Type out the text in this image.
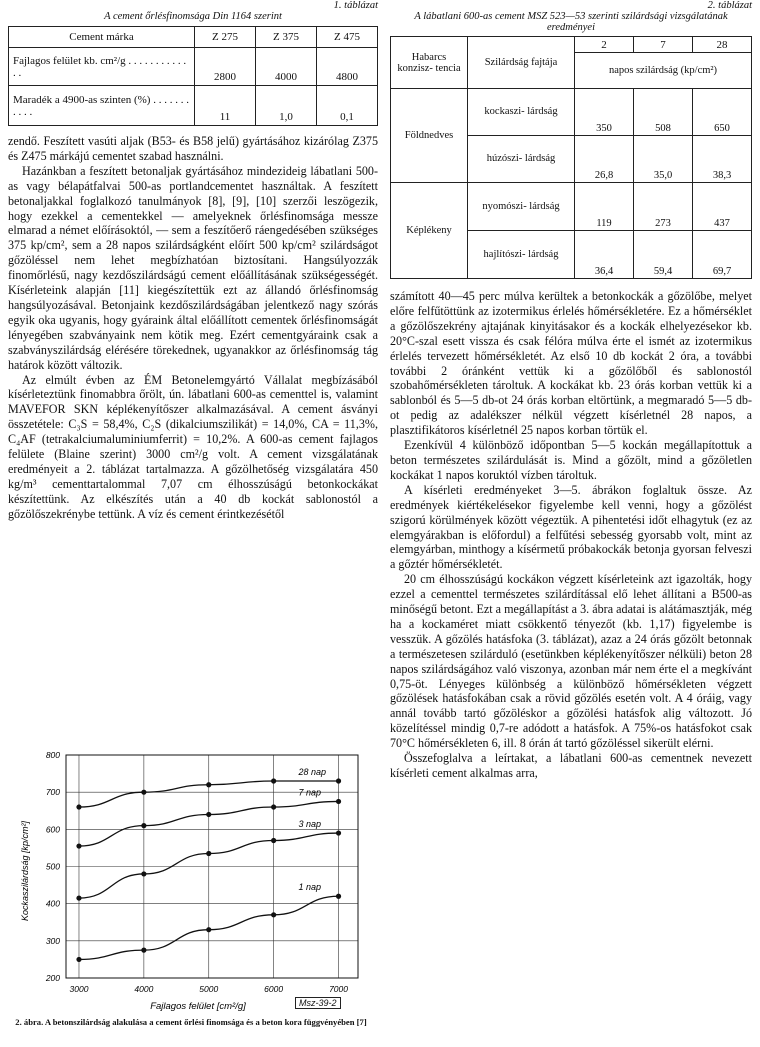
1. táblázat
A cement őrlésfinomsága Din 1164 szerint
Cement márka	Z 275	Z 375	Z 475
Fajlagos felület kb. cm²/g . . . . . . . . . . . . .	2800	4000	4800
Maradék a 4900-as szinten (%) . . . . . . . . . . .	11	1,0	0,1

zendő. Feszített vasúti aljak (B53- és B58 jelű) gyártásához kizárólag Z375 és Z475 márkájú cementet szabad használni.

Hazánkban a feszített betonaljak gyártásához mindezideig lábatlani 500-as vagy bélapátfalvai 500-as portlandcementet használtak. A feszített betonaljakkal foglalkozó tanulmányok [8], [9], [10] szerzői leszögezik, hogy ezekkel a cementekkel — amelyeknek őrlésfinomsága messze elmarad a német előírásoktól, — sem a feszítőerő ráengedésében szükséges 375 kp/cm², sem a 28 napos szilárdságként előírt 500 kp/cm² szilárdságot gőzöléssel nem lehet megbízhatóan biztosítani. Hangsúlyozzák finomőrlésű, nagy kezdőszilárdságú cement előállításának szükségességét. Kísérleteink alapján [11] kiegészítettük ezt az állandó őrlésfinomság hangsúlyozásával. Betonjaink kezdőszilárdságában jelentkező nagy szórás egyik oka ugyanis, hogy gyáraink által előállított cementek őrlésfinomságát lényegében szabványaink nem kötik meg. Ezért cementgyáraink csak a szabványszilárdság elérésére törekednek, ugyanakkor az őrlésfinomság tág határok között változik.

Az elmúlt évben az ÉM Betonelemgyártó Vállalat megbízásából kísérleteztünk finomabbra őrölt, ún. lábatlani 600-as cementtel is, valamint MAVEFOR SKN képlékenyítőszer alkalmazásával. A cement ásványi összetétele: C₃S = 58,4%, C₂S (dikalciumszilikát) = 14,0%, CA = 11,3%, C₄AF (tetrakalciumaluminiumferrit) = 10,2%. A 600-as cement fajlagos felülete (Blaine szerint) 3000 cm²/g volt. A cement vizsgálatának eredményeit a 2. táblázat tartalmazza. A gőzölhetőség vizsgálatára 450 kg/m³ cementtartalommal 7,07 cm élhosszúságú betonkockákat készítettünk. Az elkészítés után a 40 db kockát sablonostól a gőzölőszekrénybe tettünk. A víz és cement érintkezésétől

Kockaszilárdság [kp/cm²]
Fajlagos felület [cm²/g]
200
300
400
500
600
700
800
3000	4000	5000	6000	7000
28 nap
7 nap
3 nap
1 nap
Msz-39-2
2. ábra. A betonszilárdság alakulása a cement őrlési finomsága és a beton kora függvényében [7]
2. táblázat
A lábatlani 600-as cement MSZ 523—53 szerinti szilárdsági vizsgálatának eredményei
Habarcs konzisz- tencia	Szilárdság fajtája	2	7	28
		napos szilárdság (kp/cm²)		
Földnedves	kockaszi- lárdság	350	508	650
	húzószi- lárdság	26,8	35,0	38,3
Képlékeny	nyomószi- lárdság	119	273	437
	hajlítószi- lárdság	36,4	59,4	69,7

számított 40—45 perc múlva kerültek a betonkockák a gőzölőbe, melyet előre felfűtöttünk az izotermikus érlelés hőmérsékletére. Ez a hőmérséklet a gőzölőszekrény ajtajának kinyitásakor és a kockák elhelyezésekor kb. 20°C-szal esett vissza és csak félóra múlva érte el ismét az izotermikus érlelés tervezett hőmérsékletét. Az első 10 db kockát 2 óra, a további további 2 óránként vettük ki a gőzölőből és sablonostól szobahőmérsékleten tároltuk. A kockákat kb. 23 órás korban vettük ki a sablonból és 5—5 db-ot 24 órás korban eltörtünk, a megmaradó 5—5 db-ot pedig az adalékszer nélkül végzett kísérletnél 28 napos, a plasztifikátoros kísérletnél 25 napos korban törtük el.

Ezenkívül 4 különböző időpontban 5—5 kockán megállapítottuk a beton természetes szilárdulását is. Mind a gőzölt, mind a gőzöletlen kockákat 1 napos koruktól vízben tároltuk.

A kísérleti eredményeket 3—5. ábrákon foglaltuk össze. Az eredmények kiértékelésekor figyelembe kell venni, hogy a gőzölést szigorú körülmények között végeztük. A pihentetési időt elhagytuk (ez az elemgyárakban is előfordul) a felfűtési sebesség gyorsabb volt, mint az elemgyárban, minthogy a kísérmetű próbakockák betonja gyorsan felveszi a gőztér hőmérsékletét.

20 cm élhosszúságú kockákon végzett kísérleteink azt igazolták, hogy ezzel a cementtel természetes szilárdítással elő lehet állítani a B500-as minőségű betont. Ezt a megállapítást a 3. ábra adatai is alátámasztják, még ha a kockaméret miatt csökkentő tényezőt (kb. 1,17) figyelembe is vesszük. A gőzölés hatásfoka (3. táblázat), azaz a 24 órás gőzölt betonnak a természetesen szilárduló (esetünkben képlékenyítőszer nélküli) beton 28 napos szilárdságához való viszonya, azonban már nem érte el a megkívánt 0,75-öt. Lényeges különbség a különböző hőmérsékleten végzett gőzölések hatásfokában csak a rövid gőzölés esetén volt. A 4 óráig, vagy annál tovább tartó gőzöléskor a gőzölési hatásfok alig változott. Jó közelítéssel mindig 0,7-re adódott a hatásfok. A 75%-os hatásfokot csak 70°C hőmérsékleten 6, ill. 8 órán át tartó gőzöléssel sikerült elérni.

Összefoglalva a leírtakat, a lábatlani 600-as cementnek nevezett kísérleti cement alkalmas arra,
